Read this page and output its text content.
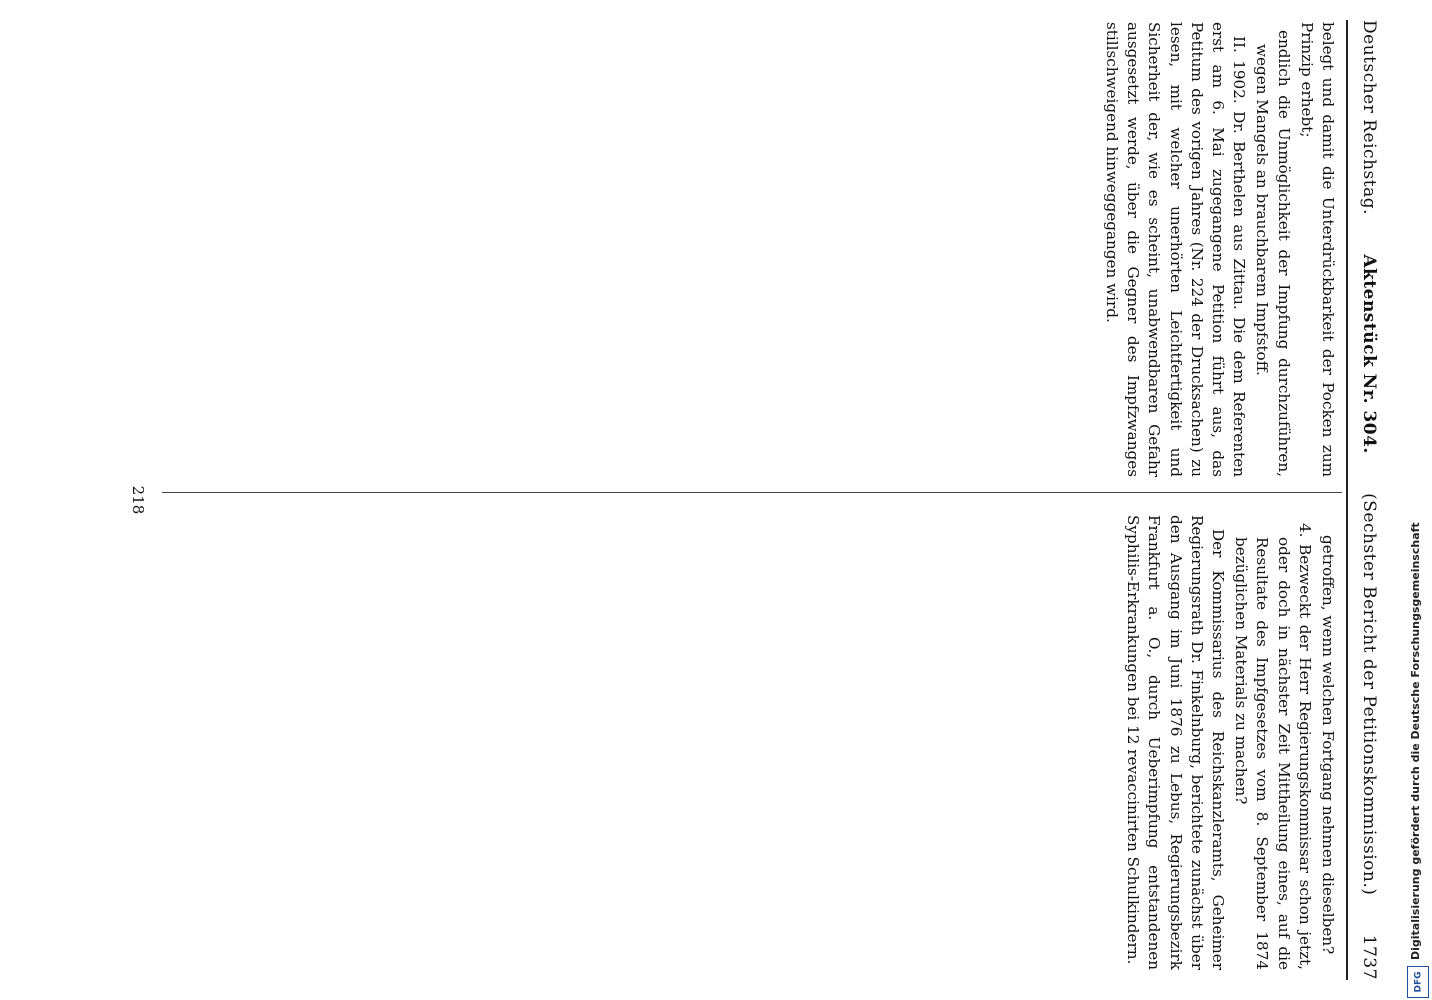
Deutscher Reichstag.
Aktenstück Nr. 304.
(Sechster Bericht der Petitionskommission.)
1737

belegt und damit die Unterdrückbarkeit der Pocken zum Prinzip erhebt;

endlich die Unmöglichkeit der Impfung durchzuführen, wegen Mangels an brauchbarem Impfstoff.

II. 1902. Dr. Berthelen aus Zittau. Die dem Referenten erst am 6. Mai zugegangene Petition führt aus, das Petitum des vorigen Jahres (Nr. 224 der Drucksachen) zu lesen, mit welcher unerhörten Leichtfertigkeit und Sicherheit der, wie es scheint, unabwendbaren Gefahr ausgesetzt werde, über die Gegner des Impfzwanges stillschweigend hinweggegangen wird.

getroffen, wenn welchen Fortgang nehmen dieselben?

4. Bezweckt der Herr Regierungskommissar schon jetzt, oder doch in nächster Zeit Mittheilung eines, auf die Resultate des Impfgesetzes vom 8. September 1874 bezüglichen Materials zu machen?

Der Kommissarius des Reichskanzleramts, Geheimer Regierungsrath Dr. Finkelnburg, berichtete zunächst über den Ausgang im Juni 1876 zu Lebus, Regierungsbezirk Frankfurt a. O., durch Ueberimpfung entstandenen Syphilis-Erkrankungen bei 12 revaccinirten Schulkindern.

218
Digitalisierung gefördert durch die Deutsche Forschungsgemeinschaft
DFG
